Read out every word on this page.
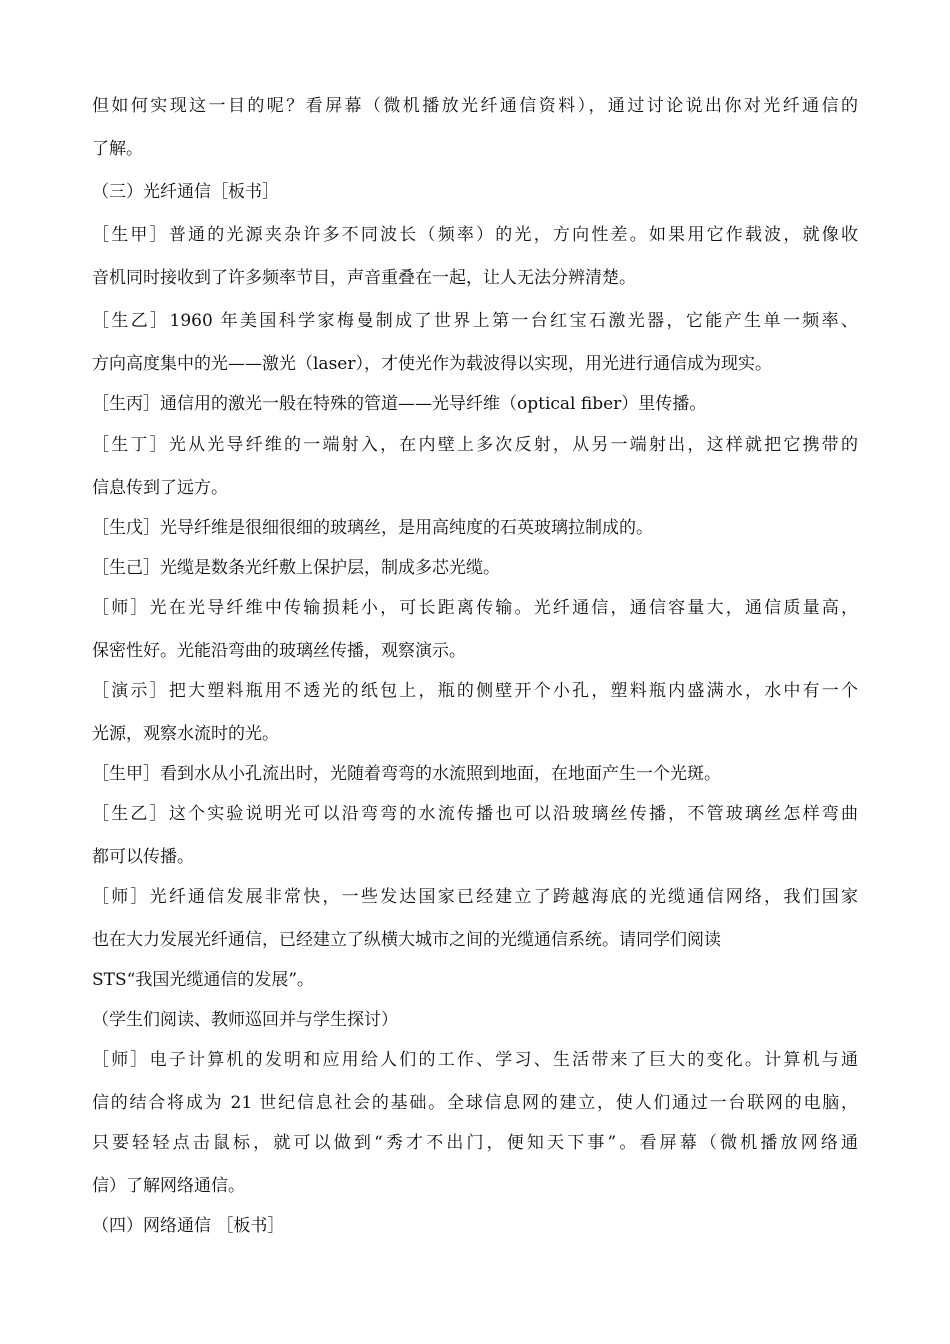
但如何实现这一目的呢？看屏幕（微机播放光纤通信资料），通过讨论说出你对光纤通信的
了解。
（三）光纤通信［板书］
［生甲］普通的光源夹杂许多不同波长（频率）的光，方向性差。如果用它作载波，就像收
音机同时接收到了许多频率节目，声音重叠在一起，让人无法分辨清楚。
［生乙］1960 年美国科学家梅曼制成了世界上第一台红宝石激光器，它能产生单一频率、
方向高度集中的光——激光（laser），才使光作为载波得以实现，用光进行通信成为现实。
［生丙］通信用的激光一般在特殊的管道——光导纤维（optical fiber）里传播。
［生丁］光从光导纤维的一端射入，在内壁上多次反射，从另一端射出，这样就把它携带的
信息传到了远方。
［生戊］光导纤维是很细很细的玻璃丝，是用高纯度的石英玻璃拉制成的。
［生己］光缆是数条光纤敷上保护层，制成多芯光缆。
［师］光在光导纤维中传输损耗小，可长距离传输。光纤通信，通信容量大，通信质量高，
保密性好。光能沿弯曲的玻璃丝传播，观察演示。
［演示］把大塑料瓶用不透光的纸包上，瓶的侧壁开个小孔，塑料瓶内盛满水，水中有一个
光源，观察水流时的光。
［生甲］看到水从小孔流出时，光随着弯弯的水流照到地面，在地面产生一个光斑。
［生乙］这个实验说明光可以沿弯弯的水流传播也可以沿玻璃丝传播，不管玻璃丝怎样弯曲
都可以传播。
［师］光纤通信发展非常快，一些发达国家已经建立了跨越海底的光缆通信网络，我们国家
也在大力发展光纤通信，已经建立了纵横大城市之间的光缆通信系统。请同学们阅读
STS“我国光缆通信的发展”。
（学生们阅读、教师巡回并与学生探讨）
［师］电子计算机的发明和应用给人们的工作、学习、生活带来了巨大的变化。计算机与通
信的结合将成为 21 世纪信息社会的基础。全球信息网的建立，使人们通过一台联网的电脑，
只要轻轻点击鼠标，就可以做到“秀才不出门，便知天下事”。看屏幕（微机播放网络通
信）了解网络通信。
（四）网络通信 ［板书］
